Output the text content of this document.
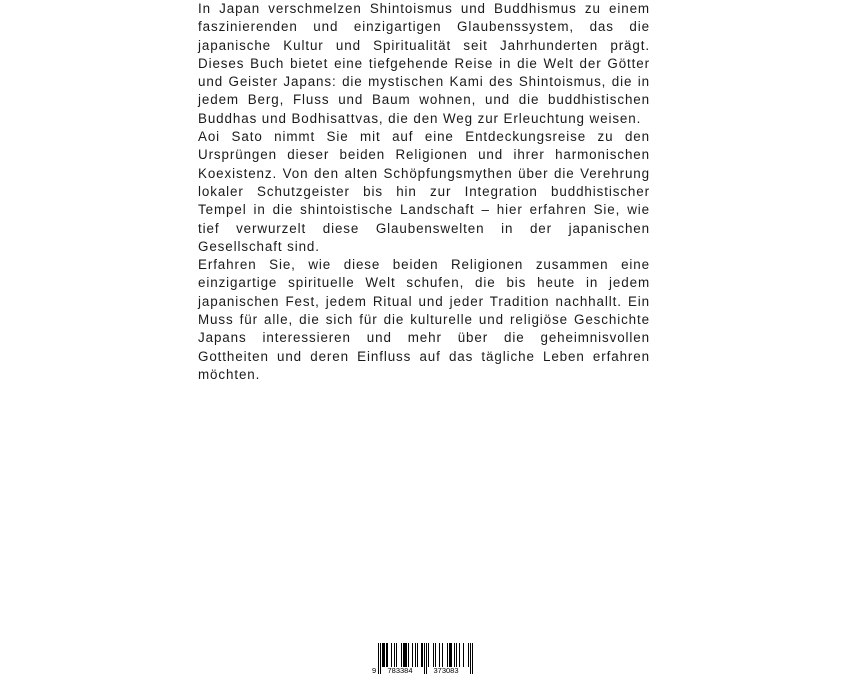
In Japan verschmelzen Shintoismus und Buddhismus zu einem faszinierenden und einzigartigen Glaubenssystem, das die japanische Kultur und Spiritualität seit Jahrhunderten prägt. Dieses Buch bietet eine tiefgehende Reise in die Welt der Götter und Geister Japans: die mystischen Kami des Shintoismus, die in jedem Berg, Fluss und Baum wohnen, und die buddhistischen Buddhas und Bodhisattvas, die den Weg zur Erleuchtung weisen.

Aoi Sato nimmt Sie mit auf eine Entdeckungsreise zu den Ursprüngen dieser beiden Religionen und ihrer harmonischen Koexistenz. Von den alten Schöpfungsmythen über die Verehrung lokaler Schutzgeister bis hin zur Integration buddhistischer Tempel in die shintoistische Landschaft – hier erfahren Sie, wie tief verwurzelt diese Glaubenswelten in der japanischen Gesellschaft sind.

Erfahren Sie, wie diese beiden Religionen zusammen eine einzigartige spirituelle Welt schufen, die bis heute in jedem japanischen Fest, jedem Ritual und jeder Tradition nachhallt. Ein Muss für alle, die sich für die kulturelle und religiöse Geschichte Japans interessieren und mehr über die geheimnisvollen Gottheiten und deren Einfluss auf das tägliche Leben erfahren möchten.

9 783384	373083
